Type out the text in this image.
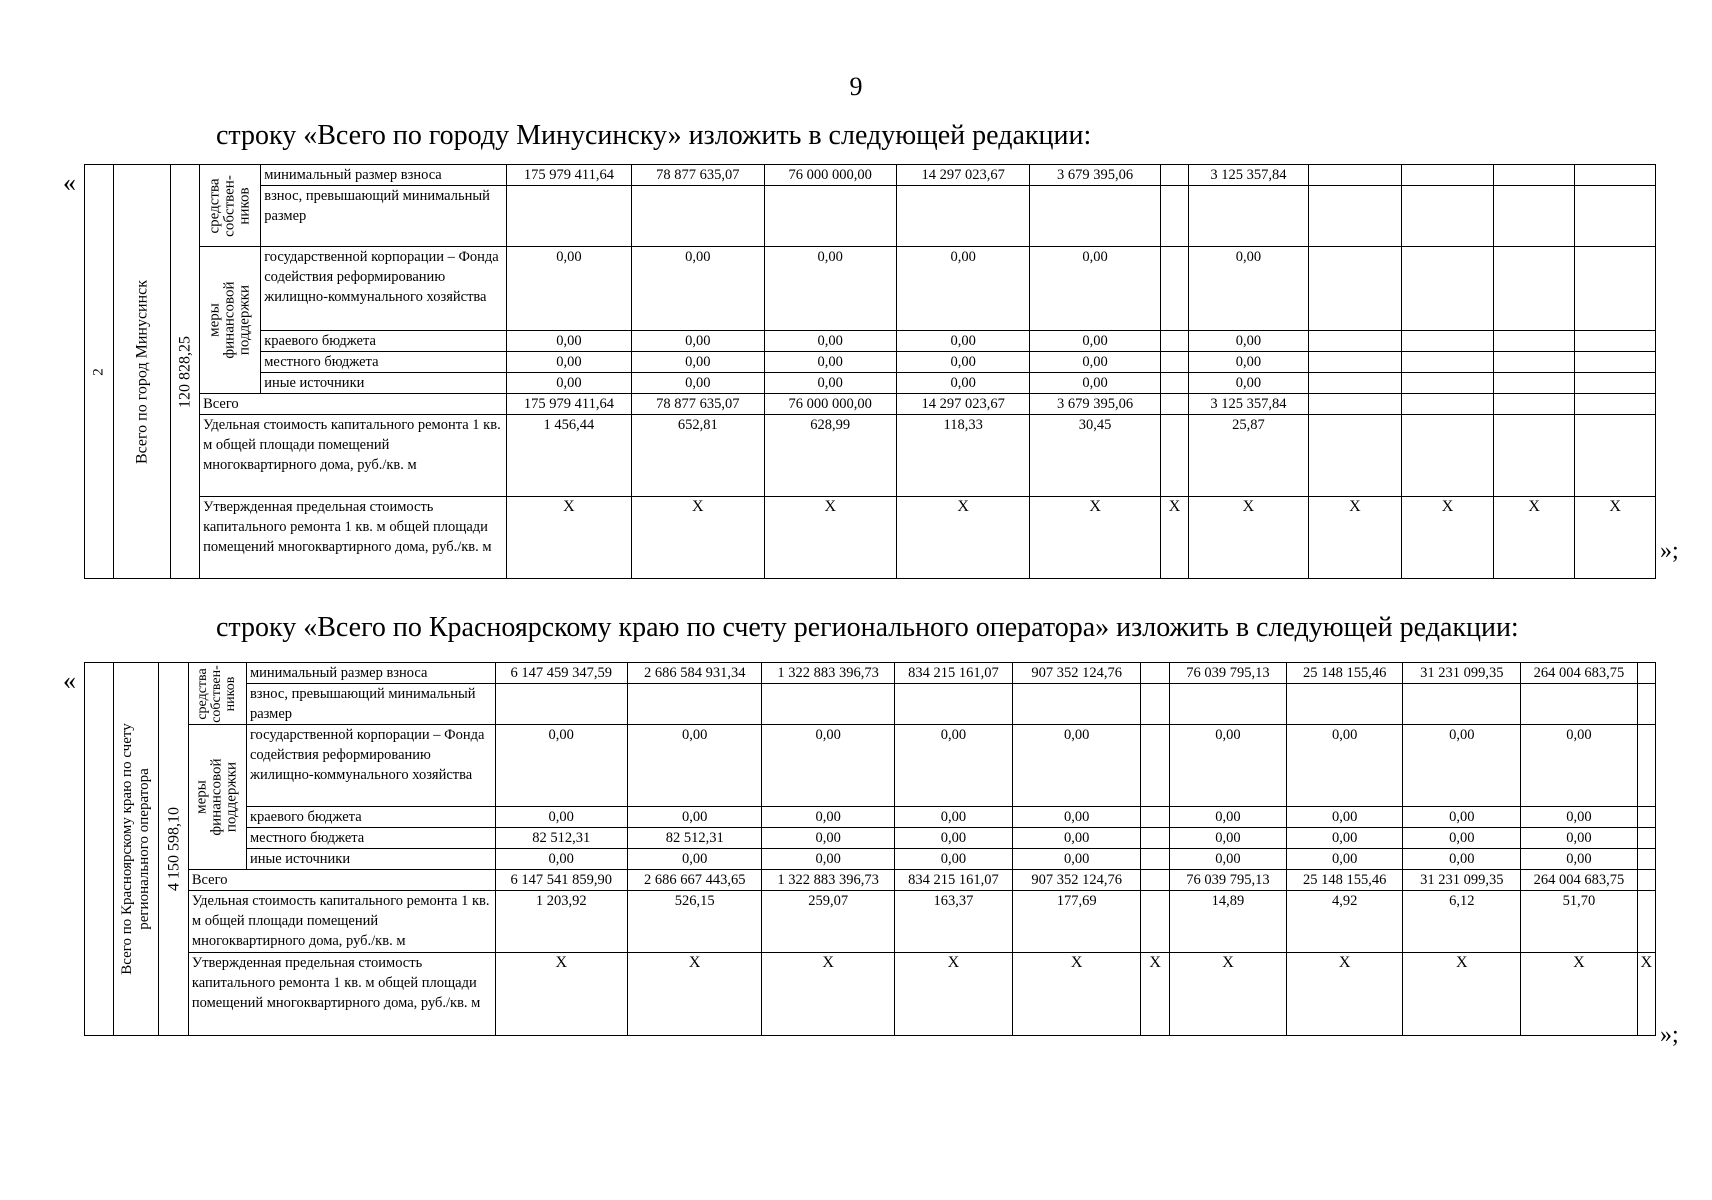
9
строку «Всего по городу Минусинску» изложить в следующей редакции:
«
2	Всего по город Минусинск	120 828,25	средства собствен-ников	минимальный размер взноса	175 979 411,64	78 877 635,07	76 000 000,00	14 297 023,67	3 679 395,06		3 125 357,84				
				взнос, превышающий минимальный размер											

			меры финансовой поддержки	государственной корпорации – Фонда содействия реформированию жилищно-коммунального хозяйства	0,00	0,00	0,00	0,00	0,00		0,00				
				краевого бюджета	0,00	0,00	0,00	0,00	0,00		0,00				
				местного бюджета	0,00	0,00	0,00	0,00	0,00		0,00				
				иные источники	0,00	0,00	0,00	0,00	0,00		0,00				
			Всего		175 979 411,64	78 877 635,07	76 000 000,00	14 297 023,67	3 679 395,06		3 125 357,84				
			Удельная стоимость капитального ремонта 1 кв. м общей площади помещений многоквартирного дома, руб./кв. м		1 456,44	652,81	628,99	118,33	30,45		25,87				
			Утвержденная предельная стоимость капитального ремонта 1 кв. м общей площади помещений многоквартирного дома, руб./кв. м		X	X	X	X	X	X	X	X	X	X	X
»;
строку «Всего по Красноярскому краю по счету регионального оператора» изложить в следующей редакции:
«

	Всего по Красноярскому краю по счету регионального оператора	4 150 598,10	средства собствен-ников	минимальный размер взноса	6 147 459 347,59	2 686 584 931,34	1 322 883 396,73	834 215 161,07	907 352 124,76		76 039 795,13	25 148 155,46	31 231 099,35	264 004 683,75	
				взнос, превышающий минимальный размер											

			меры финансовой поддержки	государственной корпорации – Фонда содействия реформированию жилищно-коммунального хозяйства	0,00	0,00	0,00	0,00	0,00		0,00	0,00	0,00	0,00	
				краевого бюджета	0,00	0,00	0,00	0,00	0,00		0,00	0,00	0,00	0,00	
				местного бюджета	82 512,31	82 512,31	0,00	0,00	0,00		0,00	0,00	0,00	0,00	
				иные источники	0,00	0,00	0,00	0,00	0,00		0,00	0,00	0,00	0,00	
			Всего		6 147 541 859,90	2 686 667 443,65	1 322 883 396,73	834 215 161,07	907 352 124,76		76 039 795,13	25 148 155,46	31 231 099,35	264 004 683,75	
			Удельная стоимость капитального ремонта 1 кв. м общей площади помещений многоквартирного дома, руб./кв. м		1 203,92	526,15	259,07	163,37	177,69		14,89	4,92	6,12	51,70	
			Утвержденная предельная стоимость капитального ремонта 1 кв. м общей площади помещений многоквартирного дома, руб./кв. м		X	X	X	X	X	X	X	X	X	X	X
»;
